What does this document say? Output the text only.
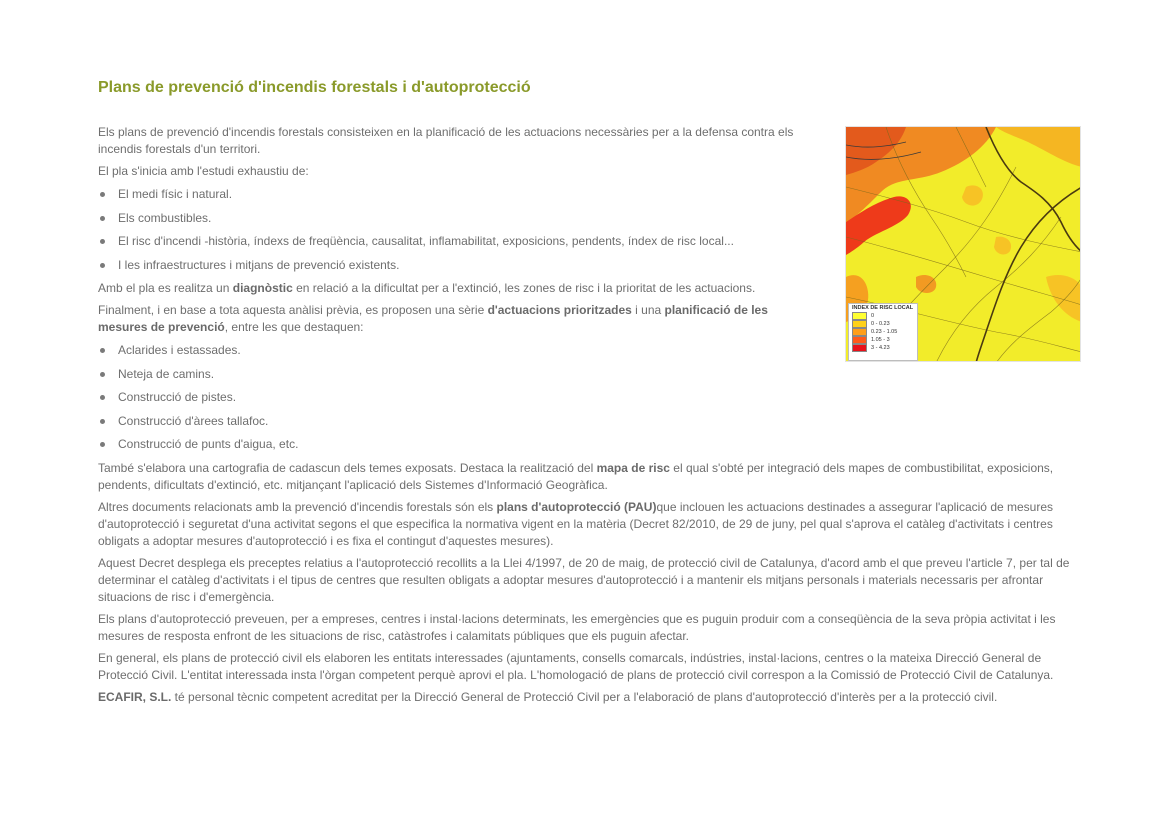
Plans de prevenció d'incendis forestals i d'autoprotecció

Els plans de prevenció d'incendis forestals consisteixen en la planificació de les actuacions necessàries per a la defensa contra els incendis forestals d'un territori.

El pla s'inicia amb l'estudi exhaustiu de:

El medi físic i natural.
Els combustibles.
El risc d'incendi -història, índexs de freqüència, causalitat, inflamabilitat, exposicions, pendents, índex de risc local...
I les infraestructures i mitjans de prevenció existents.

Amb el pla es realitza un diagnòstic en relació a la dificultat per a l'extinció, les zones de risc i la prioritat de les actuacions.

Finalment, i en base a tota aquesta anàlisi prèvia, es proposen una sèrie d'actuacions prioritzades i una planificació de les mesures de prevenció, entre les que destaquen:

Aclarides i estassades.
Neteja de camins.
Construcció de pistes.
Construcció d'àrees tallafoc.
Construcció de punts d'aigua, etc.

També s'elabora una cartografia de cadascun dels temes exposats. Destaca la realització del mapa de risc el qual s'obté per integració dels mapes de combustibilitat, exposicions, pendents, dificultats d'extinció, etc. mitjançant l'aplicació dels Sistemes d'Informació Geogràfica.

Altres documents relacionats amb la prevenció d'incendis forestals són els plans d'autoprotecció (PAU)que inclouen les actuacions destinades a assegurar l'aplicació de mesures d'autoprotecció i seguretat d'una activitat segons el que especifica la normativa vigent en la matèria (Decret 82/2010, de 29 de juny, pel qual s'aprova el catàleg d'activitats i centres obligats a adoptar mesures d'autoprotecció i es fixa el contingut d'aquestes mesures).

Aquest Decret desplega els preceptes relatius a l'autoprotecció recollits a la Llei 4/1997, de 20 de maig, de protecció civil de Catalunya, d'acord amb el que preveu l'article 7, per tal de determinar el catàleg d'activitats i el tipus de centres que resulten obligats a adoptar mesures d'autoprotecció i a mantenir els mitjans personals i materials necessaris per afrontar situacions de risc i d'emergència.

Els plans d'autoprotecció preveuen, per a empreses, centres i instal·lacions determinats, les emergències que es puguin produir com a conseqüència de la seva pròpia activitat i les mesures de resposta enfront de les situacions de risc, catàstrofes i calamitats públiques que els puguin afectar.

En general, els plans de protecció civil els elaboren les entitats interessades (ajuntaments, consells comarcals, indústries, instal·lacions, centres o la mateixa Direcció General de Protecció Civil. L'entitat interessada insta l'òrgan competent perquè aprovi el pla. L'homologació de plans de protecció civil correspon a la Comissió de Protecció Civil de Catalunya.

ECAFIR, S.L. té personal tècnic competent acreditat per la Direcció General de Protecció Civil per a l'elaboració de plans d'autoprotecció d'interès per a la protecció civil.

INDEX DE RISC LOCAL
0
0 - 0.23
0.23 - 1.05
1.05 - 3
3 - 4.23
